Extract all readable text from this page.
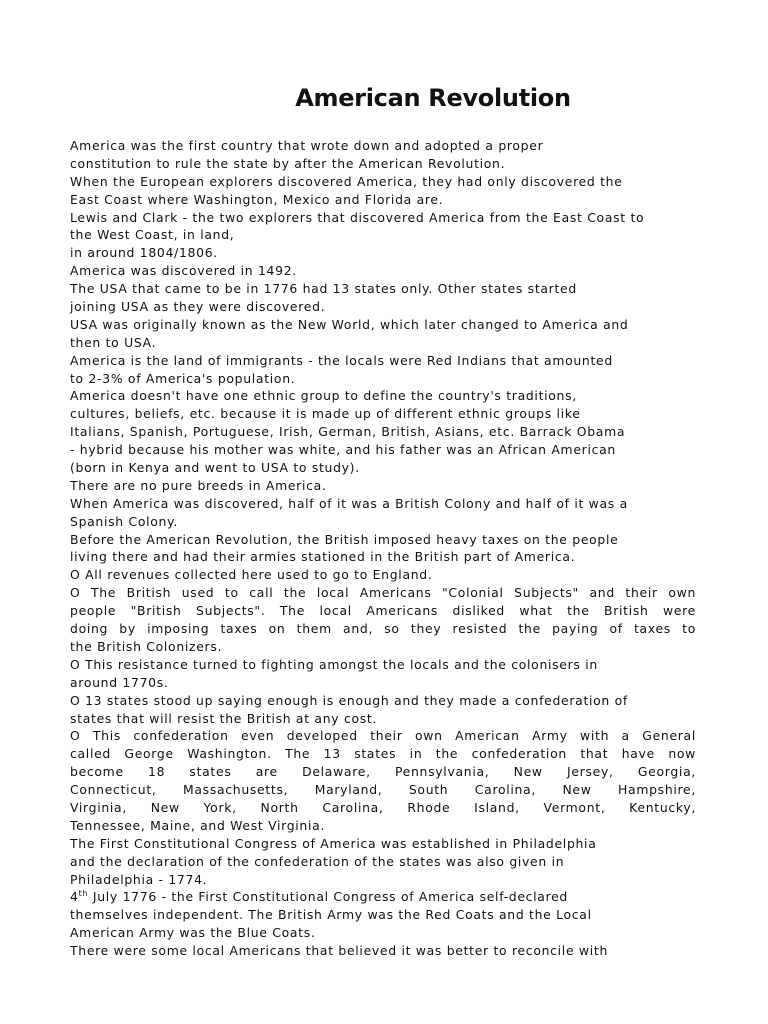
American Revolution
America was the first country that wrote down and adopted a proper
constitution to rule the state by after the American Revolution.
When the European explorers discovered America, they had only discovered the
East Coast where Washington, Mexico and Florida are.
Lewis and Clark - the two explorers that discovered America from the East Coast to
the West Coast, in land,
in around 1804/1806.
America was discovered in 1492.
The USA that came to be in 1776 had 13 states only. Other states started
joining USA as they were discovered.
USA was originally known as the New World, which later changed to America and
then to USA.
America is the land of immigrants - the locals were Red Indians that amounted
to 2-3% of America's population.
America doesn't have one ethnic group to define the country's traditions,
cultures, beliefs, etc. because it is made up of different ethnic groups like
Italians, Spanish, Portuguese, Irish, German, British, Asians, etc. Barrack Obama
- hybrid because his mother was white, and his father was an African American
(born in Kenya and went to USA to study).
There are no pure breeds in America.
When America was discovered, half of it was a British Colony and half of it was a
Spanish Colony.
Before the American Revolution, the British imposed heavy taxes on the people
living there and had their armies stationed in the British part of America.
O All revenues collected here used to go to England.
O The British used to call the local Americans "Colonial Subjects" and their own
people "British Subjects". The local Americans disliked what the British were
doing by imposing taxes on them and, so they resisted the paying of taxes to
the British Colonizers.
O This resistance turned to fighting amongst the locals and the colonisers in
around 1770s.
O 13 states stood up saying enough is enough and they made a confederation of
states that will resist the British at any cost.
O This confederation even developed their own American Army with a General
called George Washington. The 13 states in the confederation that have now
become 18 states are Delaware, Pennsylvania, New Jersey, Georgia,
Connecticut, Massachusetts, Maryland, South Carolina, New Hampshire,
Virginia, New York, North Carolina, Rhode Island, Vermont, Kentucky,
Tennessee, Maine, and West Virginia.
The First Constitutional Congress of America was established in Philadelphia
and the declaration of the confederation of the states was also given in
Philadelphia - 1774.
4th July 1776 - the First Constitutional Congress of America self-declared
themselves independent. The British Army was the Red Coats and the Local
American Army was the Blue Coats.
There were some local Americans that believed it was better to reconcile with
